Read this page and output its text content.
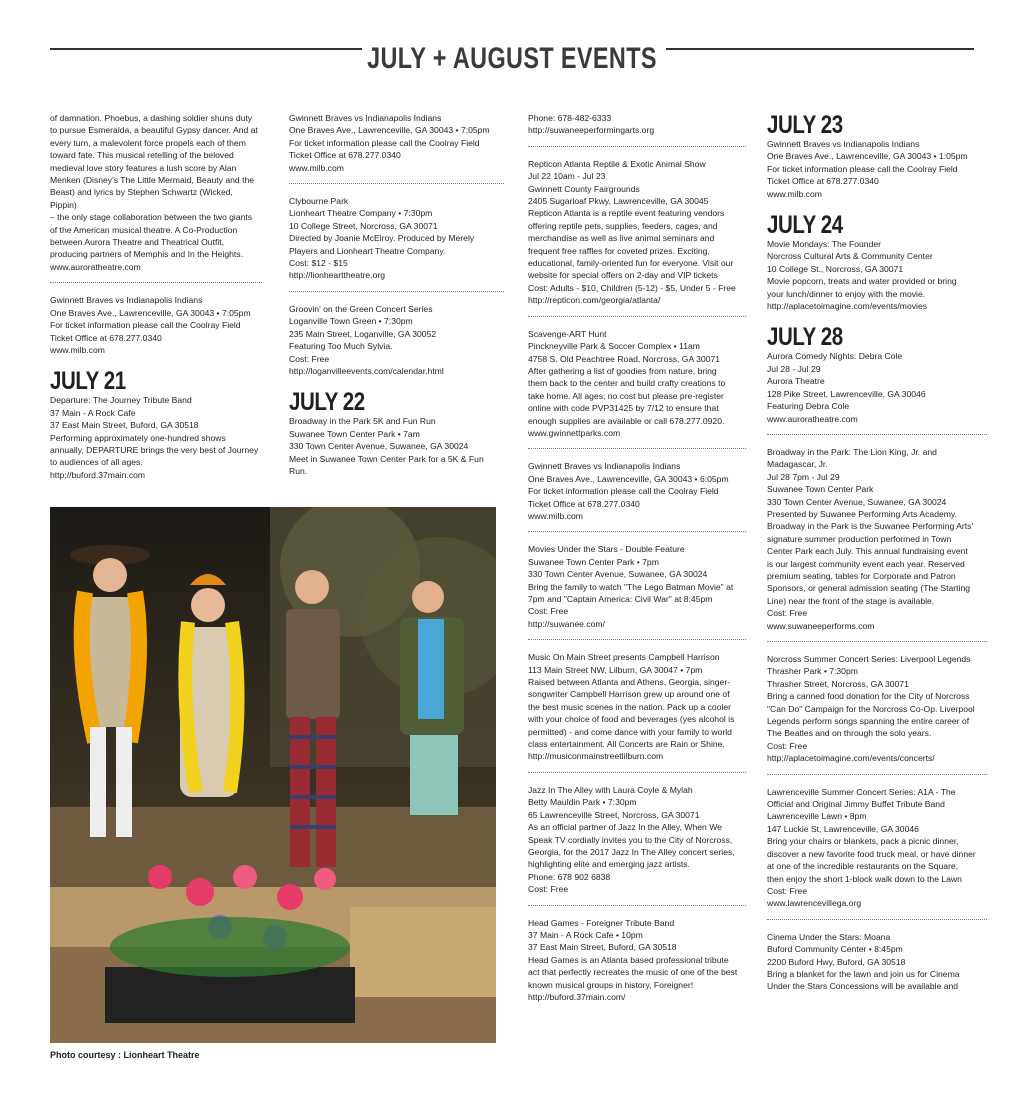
JULY + AUGUST EVENTS

of damnation. Phoebus, a dashing soldier shuns duty
to pursue Esmeralda, a beautiful Gypsy dancer. And at
every turn, a malevolent force propels each of them
toward fate. This musical retelling of the beloved
medieval love story features a lush score by Alan
Menken (Disney's The Little Mermaid, Beauty and the
Beast) and lyrics by Stephen Schwartz (Wicked, Pippin)
– the only stage collaboration between the two giants
of the American musical theatre. A Co-Production
between Aurora Theatre and Theatrical Outfit,
producing partners of Memphis and In the Heights.
www.auroratheatre.com

Gwinnett Braves vs Indianapolis Indians
One Braves Ave., Lawrenceville, GA 30043 • 7:05pm
For ticket information please call the Coolray Field
Ticket Office at 678.277.0340
www.milb.com

JULY 21

Departure: The Journey Tribute Band
37 Main - A Rock Cafe
37 East Main Street, Buford, GA 30518
Performing approximately one-hundred shows
annually, DEPARTURE brings the very best of Journey
to audiences of all ages.
http://buford.37main.com

Gwinnett Braves vs Indianapolis Indians
One Braves Ave., Lawrenceville, GA 30043 • 7:05pm
For ticket information please call the Coolray Field
Ticket Office at 678.277.0340
www.milb.com

Clybourne Park
Lionheart Theatre Company • 7:30pm
10 College Street, Norcross, GA 30071
Directed by Joanie McElroy. Produced by Merely
Players and Lionheart Theatre Company.
Cost: $12 - $15
http://lionhearttheatre.org

Groovin' on the Green Concert Series
Loganville Town Green • 7:30pm
235 Main Street, Loganville, GA 30052
Featuring Too Much Sylvia.
Cost: Free
http://loganvilleevents.com/calendar.html

JULY 22

Broadway in the Park 5K and Fun Run
Suwanee Town Center Park • 7am
330 Town Center Avenue, Suwanee, GA 30024
Meet in Suwanee Town Center Park for a 5K & Fun Run.

Photo courtesy : Lionheart Theatre

Phone: 678-482-6333
http://suwaneeperformingarts.org

Repticon Atlanta Reptile & Exotic Animal Show
Jul 22 10am - Jul 23
Gwinnett County Fairgrounds
2405 Sugarloaf Pkwy, Lawrenceville, GA 30045
Repticon Atlanta is a reptile event featuring vendors
offering reptile pets, supplies, feeders, cages, and
merchandise as well as live animal seminars and
frequent free raffles for coveted prizes. Exciting,
educational, family-oriented fun for everyone. Visit our
website for special offers on 2-day and VIP tickets
Cost: Adults - $10, Children (5-12) - $5, Under 5 - Free
http://repticon.com/georgia/atlanta/

Scavenge-ART Hunt
Pinckneyville Park & Soccer Complex • 11am
4758 S. Old Peachtree Road, Norcross, GA 30071
After gathering a list of goodies from nature, bring
them back to the center and build crafty creations to
take home. All ages; no cost but please pre-register
online with code PVP31425 by 7/12 to ensure that
enough supplies are available or call 678.277.0920.
www.gwinnettparks.com

Gwinnett Braves vs Indianapolis Indians
One Braves Ave., Lawrenceville, GA 30043 • 6:05pm
For ticket information please call the Coolray Field
Ticket Office at 678.277.0340
www.milb.com

Movies Under the Stars - Double Feature
Suwanee Town Center Park • 7pm
330 Town Center Avenue, Suwanee, GA 30024
Bring the family to watch "The Lego Batman Movie" at
7pm and "Captain America: Civil War" at 8:45pm
Cost: Free
http://suwanee.com/

Music On Main Street presents Campbell Harrison
113 Main Street NW, Lilburn, GA 30047 • 7pm
Raised between Atlanta and Athens, Georgia, singer-
songwriter Campbell Harrison grew up around one of
the best music scenes in the nation. Pack up a cooler
with your choice of food and beverages (yes alcohol is
permitted) - and come dance with your family to world
class entertainment. All Concerts are Rain or Shine.
http://musiconmainstreetlilburn.com

Jazz In The Alley with Laura Coyle & Mylah
Betty Mauldin Park • 7:30pm
65 Lawrenceville Street, Norcross, GA 30071
As an official partner of Jazz In the Alley, When We
Speak TV cordially invites you to the City of Norcross,
Georgia, for the 2017 Jazz In The Alley concert series,
highlighting elite and emerging jazz artists.
Phone: 678 902 6838
Cost: Free

Head Games - Foreigner Tribute Band
37 Main - A Rock Cafe • 10pm
37 East Main Street, Buford, GA 30518
Head Games is an Atlanta based professional tribute
act that perfectly recreates the music of one of the best
known musical groups in history, Foreigner!
http://buford.37main.com/

JULY 23

Gwinnett Braves vs Indianapolis Indians
One Braves Ave., Lawrenceville, GA 30043 • 1:05pm
For ticket information please call the Coolray Field
Ticket Office at 678.277.0340
www.milb.com

JULY 24

Movie Mondays: The Founder
Norcross Cultural Arts & Community Center
10 College St., Norcross, GA 30071
Movie popcorn, treats and water provided or bring
your lunch/dinner to enjoy with the movie.
http://aplacetoimagine.com/events/movies

JULY 28

Aurora Comedy Nights: Debra Cole
Jul 28 - Jul 29
Aurora Theatre
128 Pike Street, Lawrenceville, GA 30046
Featuring Debra Cole
www.auroratheatre.com

Broadway in the Park: The Lion King, Jr. and
Madagascar, Jr.
Jul 28 7pm - Jul 29
Suwanee Town Center Park
330 Town Center Avenue, Suwanee, GA 30024
Presented by Suwanee Performing Arts Academy.
Broadway in the Park is the Suwanee Performing Arts'
signature summer production performed in Town
Center Park each July. This annual fundraising event
is our largest community event each year. Reserved
premium seating, tables for Corporate and Patron
Sponsors, or general admission seating (The Starting
Line) near the front of the stage is available.
Cost: Free
www.suwaneeperforms.com

Norcross Summer Concert Series: Liverpool Legends
Thrasher Park • 7:30pm
Thrasher Street, Norcross, GA 30071
Bring a canned food donation for the City of Norcross
"Can Do" Campaign for the Norcross Co-Op. Liverpool
Legends perform songs spanning the entire career of
The Beatles and on through the solo years.
Cost: Free
http://aplacetoimagine.com/events/concerts/

Lawrenceville Summer Concert Series: A1A - The
Official and Original Jimmy Buffet Tribute Band
Lawrenceville Lawn • 8pm
147 Luckie St, Lawrenceville, GA 30046
Bring your chairs or blankets, pack a picnic dinner,
discover a new favorite food truck meal, or have dinner
at one of the incredible restaurants on the Square,
then enjoy the short 1-block walk down to the Lawn
Cost: Free
www.lawrencevillega.org

Cinema Under the Stars: Moana
Buford Community Center • 8:45pm
2200 Buford Hwy, Buford, GA 30518
Bring a blanket for the lawn and join us for Cinema
Under the Stars Concessions will be available and
